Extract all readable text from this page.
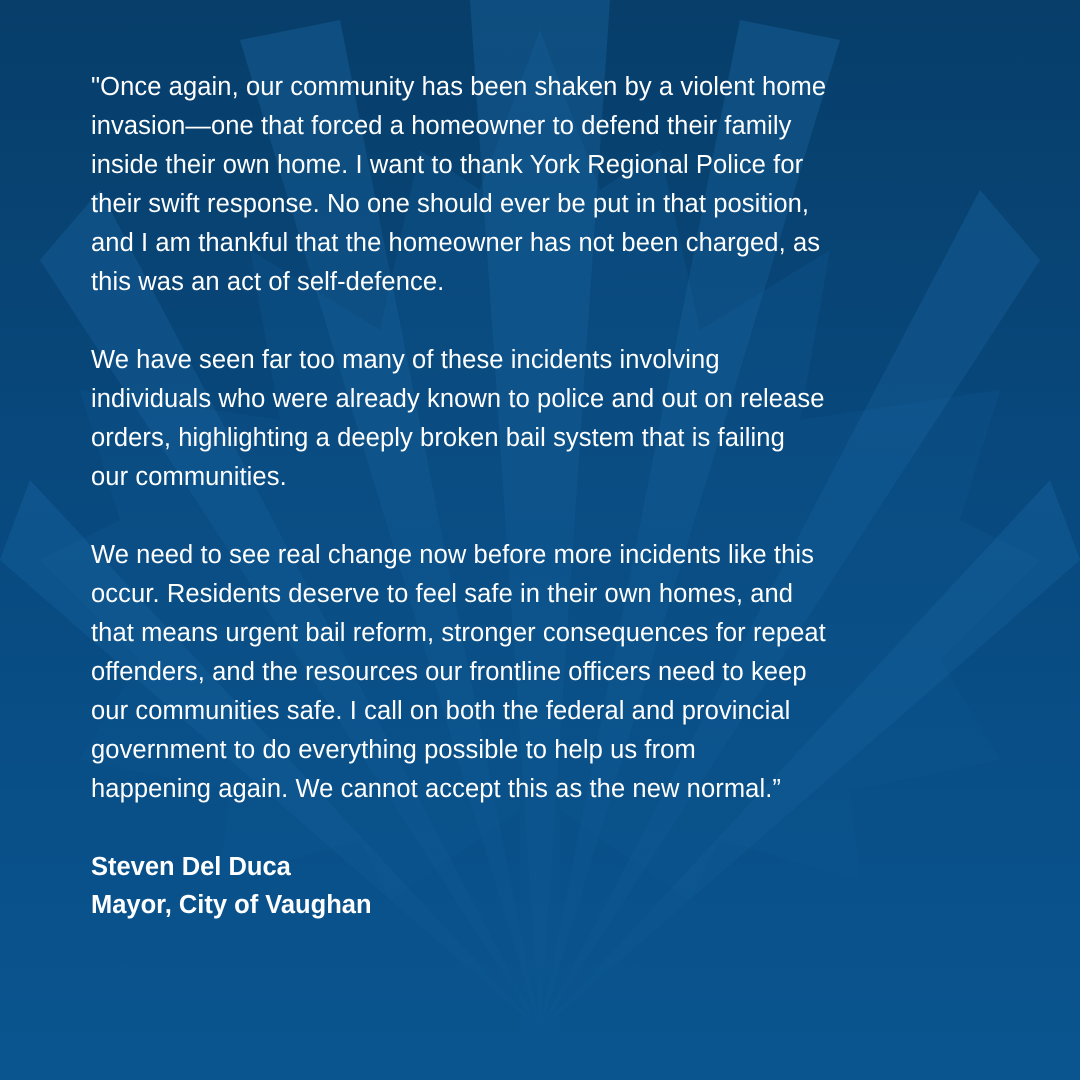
"Once again, our community has been shaken by a violent home
invasion—one that forced a homeowner to defend their family
inside their own home. I want to thank York Regional Police for
their swift response. No one should ever be put in that position,
and I am thankful that the homeowner has not been charged, as
this was an act of self-defence.

We have seen far too many of these incidents involving
individuals who were already known to police and out on release
orders, highlighting a deeply broken bail system that is failing
our communities.

We need to see real change now before more incidents like this
occur. Residents deserve to feel safe in their own homes, and
that means urgent bail reform, stronger consequences for repeat
offenders, and the resources our frontline officers need to keep
our communities safe. I call on both the federal and provincial
government to do everything possible to help us from
happening again. We cannot accept this as the new normal.”

Steven Del Duca
Mayor, City of Vaughan
